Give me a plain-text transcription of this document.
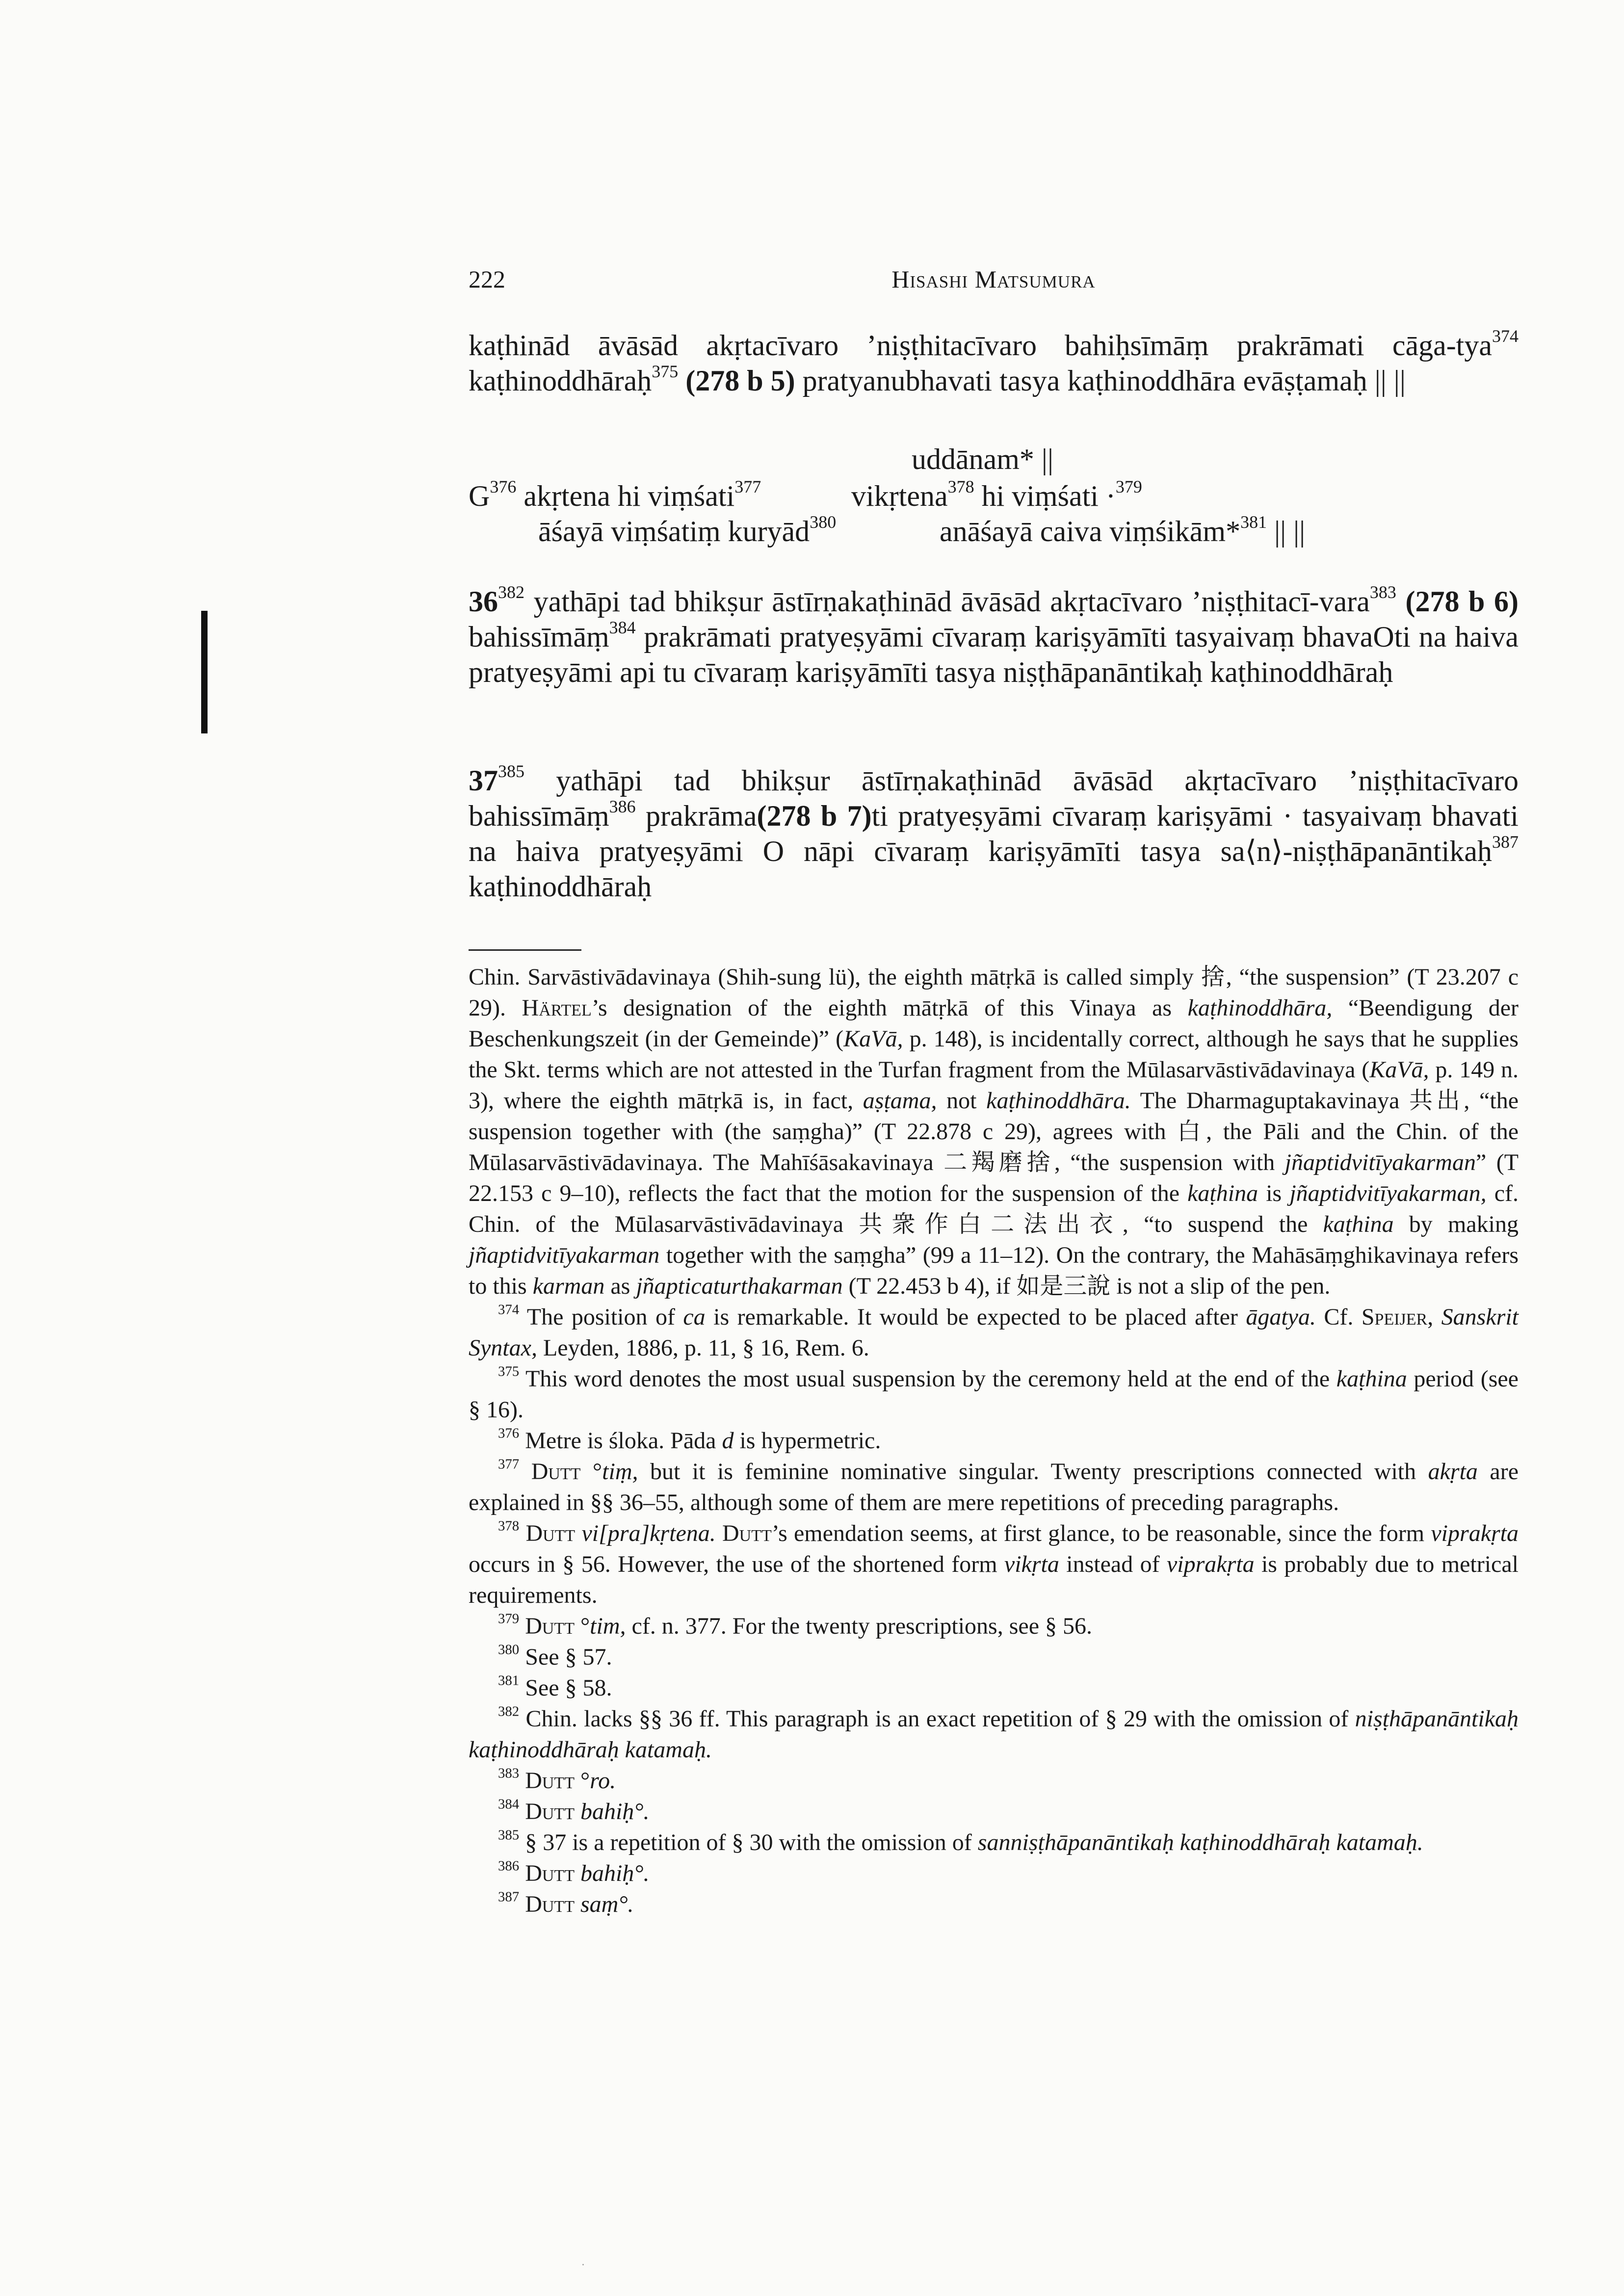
222	Hisashi Matsumura

kaṭhinād āvāsād akṛtacīvaro ’niṣṭhitacīvaro bahiḥsīmāṃ prakrāmati cāga-tya$^{374}$ kaṭhinoddhāraḥ$^{375}$ (278 b 5) pratyanubhavati tasya kaṭhinoddhāra evāṣṭamaḥ || ||

uddānam* ||
$G^{376}$ akṛtena hi viṃśati$^{377}$	vikṛtena$^{378}$ hi viṃśati ·$^{379}$
āśayā viṃśatiṃ kuryād$^{380}$	anāśayā caiva viṃśikām*$^{381}$ || ||

$36^{382}$ yathāpi tad bhikṣur āstīrṇakaṭhinād āvāsād akṛtacīvaro ’niṣṭhitacī-vara$^{383}$ (278 b 6) bahissīmāṃ$^{384}$ prakrāmati pratyeṣyāmi cīvaraṃ kariṣyāmīti tasyaivaṃ bhavaOti na haiva pratyeṣyāmi api tu cīvaraṃ kariṣyāmīti tasya niṣṭhāpanāntikaḥ kaṭhinoddhāraḥ

$37^{385}$ yathāpi tad bhikṣur āstīrṇakaṭhinād āvāsād akṛtacīvaro ’niṣṭhitacīvaro bahissīmāṃ$^{386}$ prakrāma(278 b 7)ti pratyeṣyāmi cīvaraṃ kariṣyāmi · tasyaivaṃ bhavati na haiva pratyeṣyāmi O nāpi cīvaraṃ kariṣyāmīti tasya sa⟨n⟩-niṣṭhāpanāntikaḥ$^{387}$ kaṭhinoddhāraḥ

Chin. Sarvāstivādavinaya (Shih-sung lü), the eighth mātṛkā is called simply 捨, “the suspension” (T 23.207 c 29). Härtel’s designation of the eighth mātṛkā of this Vinaya as kaṭhinoddhāra, “Beendigung der Beschenkungszeit (in der Gemeinde)” (KaVā, p. 148), is incidentally correct, although he says that he supplies the Skt. terms which are not attested in the Turfan fragment from the Mūlasarvāstivādavinaya (KaVā, p. 149 n. 3), where the eighth mātṛkā is, in fact, aṣṭama, not kaṭhinoddhāra. The Dharmaguptakavinaya 共出, “the suspension together with (the saṃgha)” (T 22.878 c 29), agrees with 白, the Pāli and the Chin. of the Mūlasarvāstivādavinaya. The Mahīśāsakavinaya 二羯磨捨, “the suspension with jñaptidvitīyakarman” (T 22.153 c 9–10), reflects the fact that the motion for the suspension of the kaṭhina is jñaptidvitīyakarman, cf. Chin. of the Mūlasarvāstivādavinaya 共衆作白二法出衣, “to suspend the kaṭhina by making jñaptidvitīyakarman together with the saṃgha” (99 a 11–12). On the contrary, the Mahāsāṃghikavinaya refers to this karman as jñapticaturthakarman (T 22.453 b 4), if 如是三說 is not a slip of the pen.

$^{374}$ The position of ca is remarkable. It would be expected to be placed after āgatya. Cf. Speijer, Sanskrit Syntax, Leyden, 1886, p. 11, § 16, Rem. 6.

$^{375}$ This word denotes the most usual suspension by the ceremony held at the end of the kaṭhina period (see § 16).

$^{376}$ Metre is śloka. Pāda d is hypermetric.

$^{377}$ Dutt °tiṃ, but it is feminine nominative singular. Twenty prescriptions connected with akṛta are explained in §§ 36–55, although some of them are mere repetitions of preceding paragraphs.

$^{378}$ Dutt vi[pra]kṛtena. Dutt’s emendation seems, at first glance, to be reasonable, since the form viprakṛta occurs in § 56. However, the use of the shortened form vikṛta instead of viprakṛta is probably due to metrical requirements.

$^{379}$ Dutt °tim, cf. n. 377. For the twenty prescriptions, see § 56.

$^{380}$ See § 57.

$^{381}$ See § 58.

$^{382}$ Chin. lacks §§ 36 ff. This paragraph is an exact repetition of § 29 with the omission of niṣṭhāpanāntikaḥ kaṭhinoddhāraḥ katamaḥ.

$^{383}$ Dutt °ro.

$^{384}$ Dutt bahiḥ°.

$^{385}$ § 37 is a repetition of § 30 with the omission of sanniṣṭhāpanāntikaḥ kaṭhinoddhāraḥ katamaḥ.

$^{386}$ Dutt bahiḥ°.

$^{387}$ Dutt saṃ°.

·
